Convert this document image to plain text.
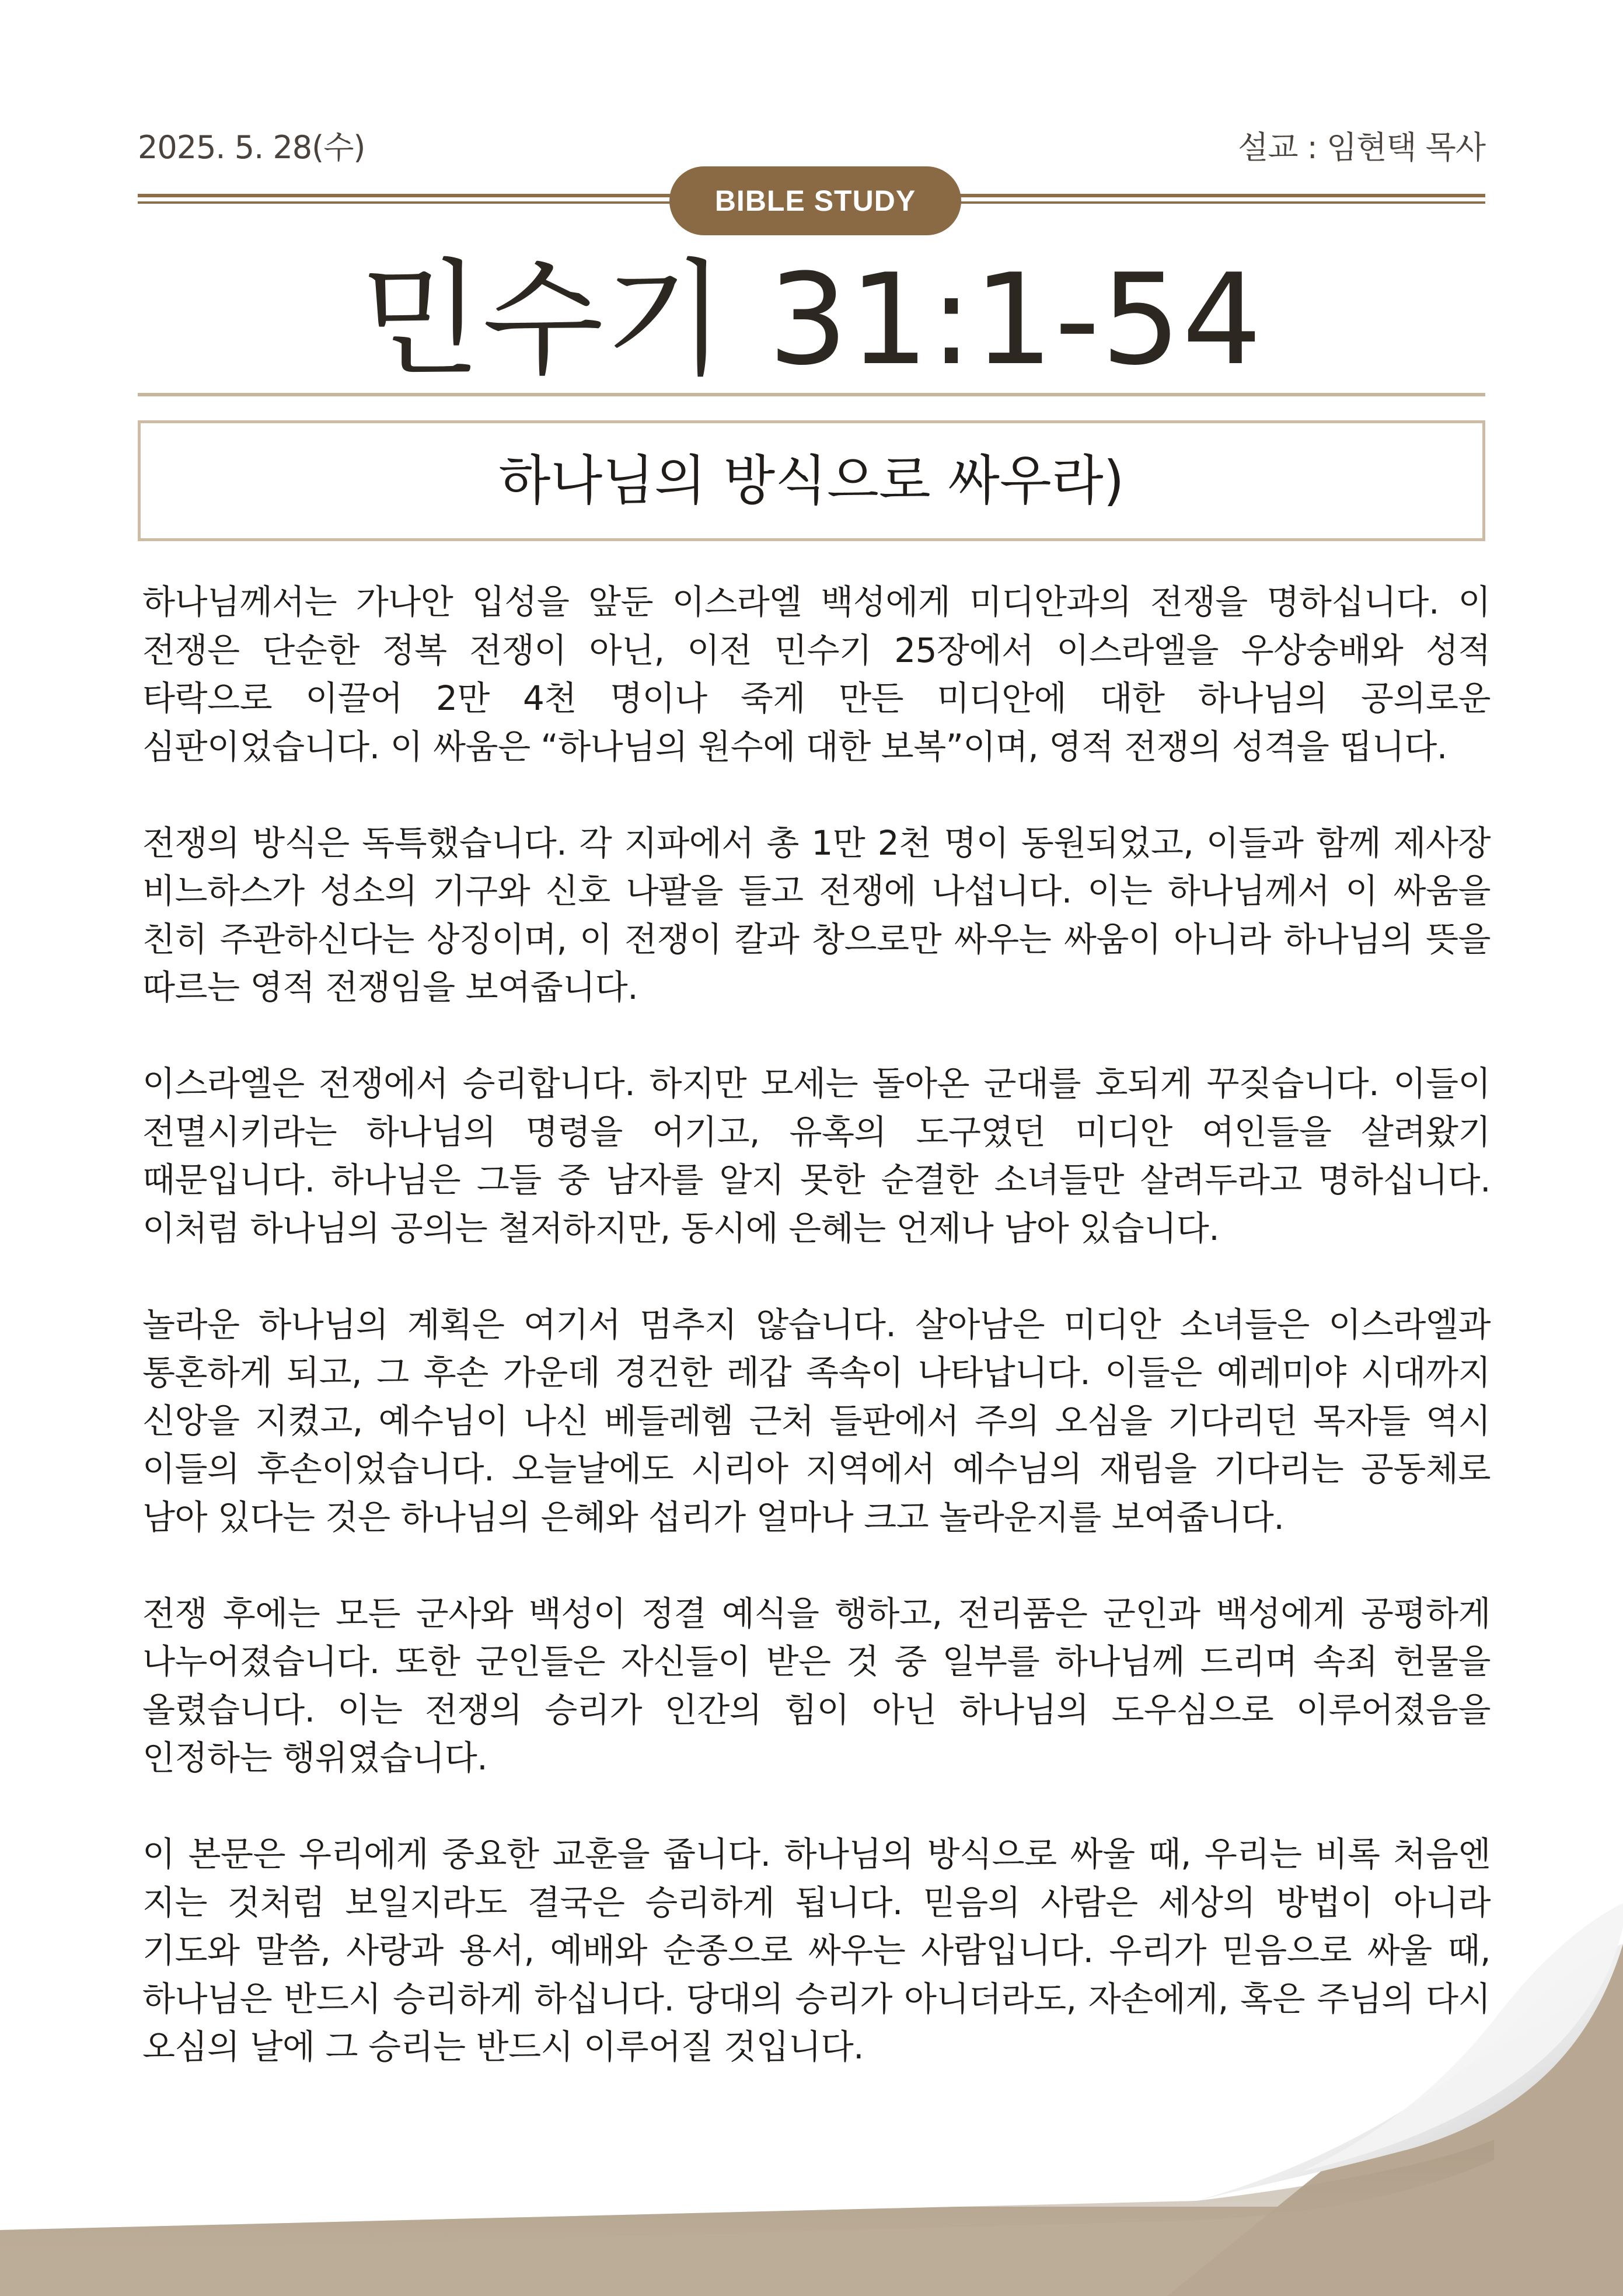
2025. 5. 28(수)	설교 : 임현택 목사
BIBLE STUDY
민수기 31:1-54
하나님의 방식으로 싸우라)

하나님께서는 가나안 입성을 앞둔 이스라엘 백성에게 미디안과의 전쟁을 명하십니다. 이 전쟁은 단순한 정복 전쟁이 아닌, 이전 민수기 25장에서 이스라엘을 우상숭배와 성적 타락으로 이끌어 2만 4천 명이나 죽게 만든 미디안에 대한 하나님의 공의로운 심판이었습니다. 이 싸움은 “하나님의 원수에 대한 보복”이며, 영적 전쟁의 성격을 띱니다.

전쟁의 방식은 독특했습니다. 각 지파에서 총 1만 2천 명이 동원되었고, 이들과 함께 제사장 비느하스가 성소의 기구와 신호 나팔을 들고 전쟁에 나섭니다. 이는 하나님께서 이 싸움을 친히 주관하신다는 상징이며, 이 전쟁이 칼과 창으로만 싸우는 싸움이 아니라 하나님의 뜻을 따르는 영적 전쟁임을 보여줍니다.

이스라엘은 전쟁에서 승리합니다. 하지만 모세는 돌아온 군대를 호되게 꾸짖습니다. 이들이 전멸시키라는 하나님의 명령을 어기고, 유혹의 도구였던 미디안 여인들을 살려왔기 때문입니다. 하나님은 그들 중 남자를 알지 못한 순결한 소녀들만 살려두라고 명하십니다. 이처럼 하나님의 공의는 철저하지만, 동시에 은혜는 언제나 남아 있습니다.

놀라운 하나님의 계획은 여기서 멈추지 않습니다. 살아남은 미디안 소녀들은 이스라엘과 통혼하게 되고, 그 후손 가운데 경건한 레갑 족속이 나타납니다. 이들은 예레미야 시대까지 신앙을 지켰고, 예수님이 나신 베들레헴 근처 들판에서 주의 오심을 기다리던 목자들 역시 이들의 후손이었습니다. 오늘날에도 시리아 지역에서 예수님의 재림을 기다리는 공동체로 남아 있다는 것은 하나님의 은혜와 섭리가 얼마나 크고 놀라운지를 보여줍니다.

전쟁 후에는 모든 군사와 백성이 정결 예식을 행하고, 전리품은 군인과 백성에게 공평하게 나누어졌습니다. 또한 군인들은 자신들이 받은 것 중 일부를 하나님께 드리며 속죄 헌물을 올렸습니다. 이는 전쟁의 승리가 인간의 힘이 아닌 하나님의 도우심으로 이루어졌음을 인정하는 행위였습니다.

이 본문은 우리에게 중요한 교훈을 줍니다. 하나님의 방식으로 싸울 때, 우리는 비록 처음엔 지는 것처럼 보일지라도 결국은 승리하게 됩니다. 믿음의 사람은 세상의 방법이 아니라 기도와 말씀, 사랑과 용서, 예배와 순종으로 싸우는 사람입니다. 우리가 믿음으로 싸울 때, 하나님은 반드시 승리하게 하십니다. 당대의 승리가 아니더라도, 자손에게, 혹은 주님의 다시 오심의 날에 그 승리는 반드시 이루어질 것입니다.
